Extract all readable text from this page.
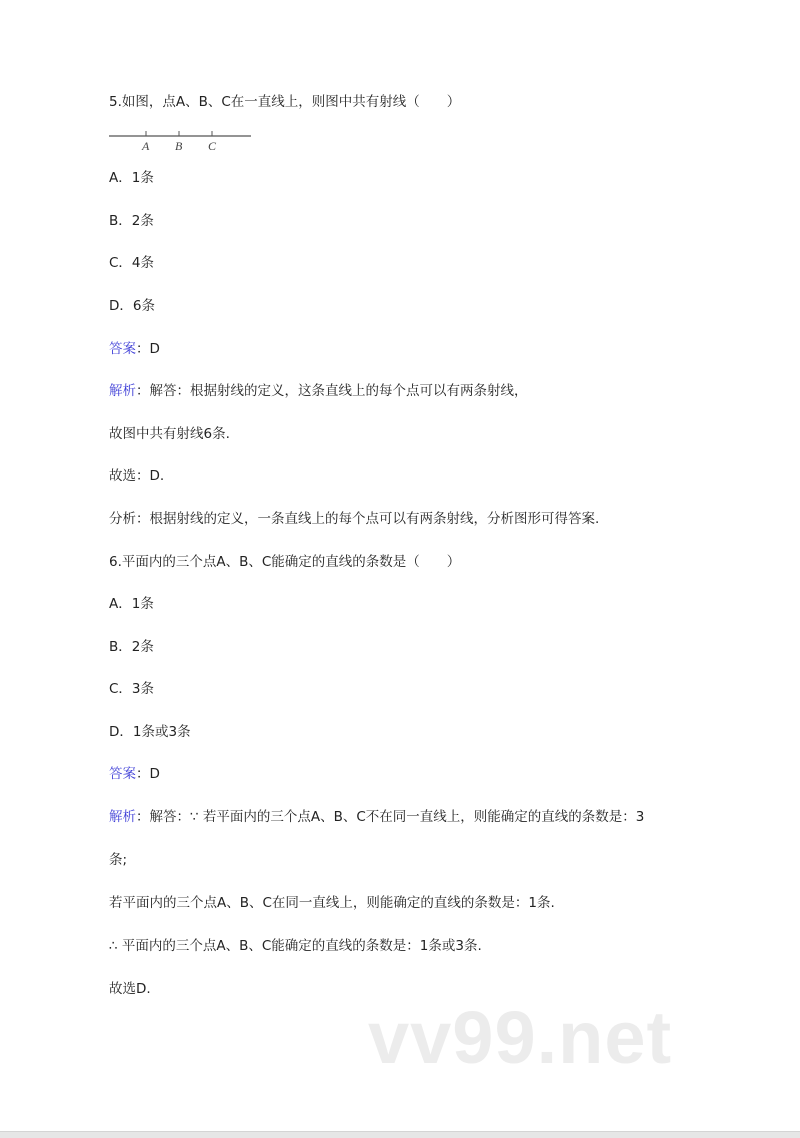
5.如图，点A、B、C在一直线上，则图中共有射线（　　）
A B C
A．1条
B．2条
C．4条
D．6条
答案：D
解析：解答：根据射线的定义，这条直线上的每个点可以有两条射线，
故图中共有射线6条.
故选：D.
分析：根据射线的定义，一条直线上的每个点可以有两条射线，分析图形可得答案.
6.平面内的三个点A、B、C能确定的直线的条数是（　　）
A．1条
B．2条
C．3条
D．1条或3条
答案：D
解析：解答：∵ 若平面内的三个点A、B、C不在同一直线上，则能确定的直线的条数是：3
条;
若平面内的三个点A、B、C在同一直线上，则能确定的直线的条数是：1条.
∴ 平面内的三个点A、B、C能确定的直线的条数是：1条或3条.
故选D.
vv99.net
